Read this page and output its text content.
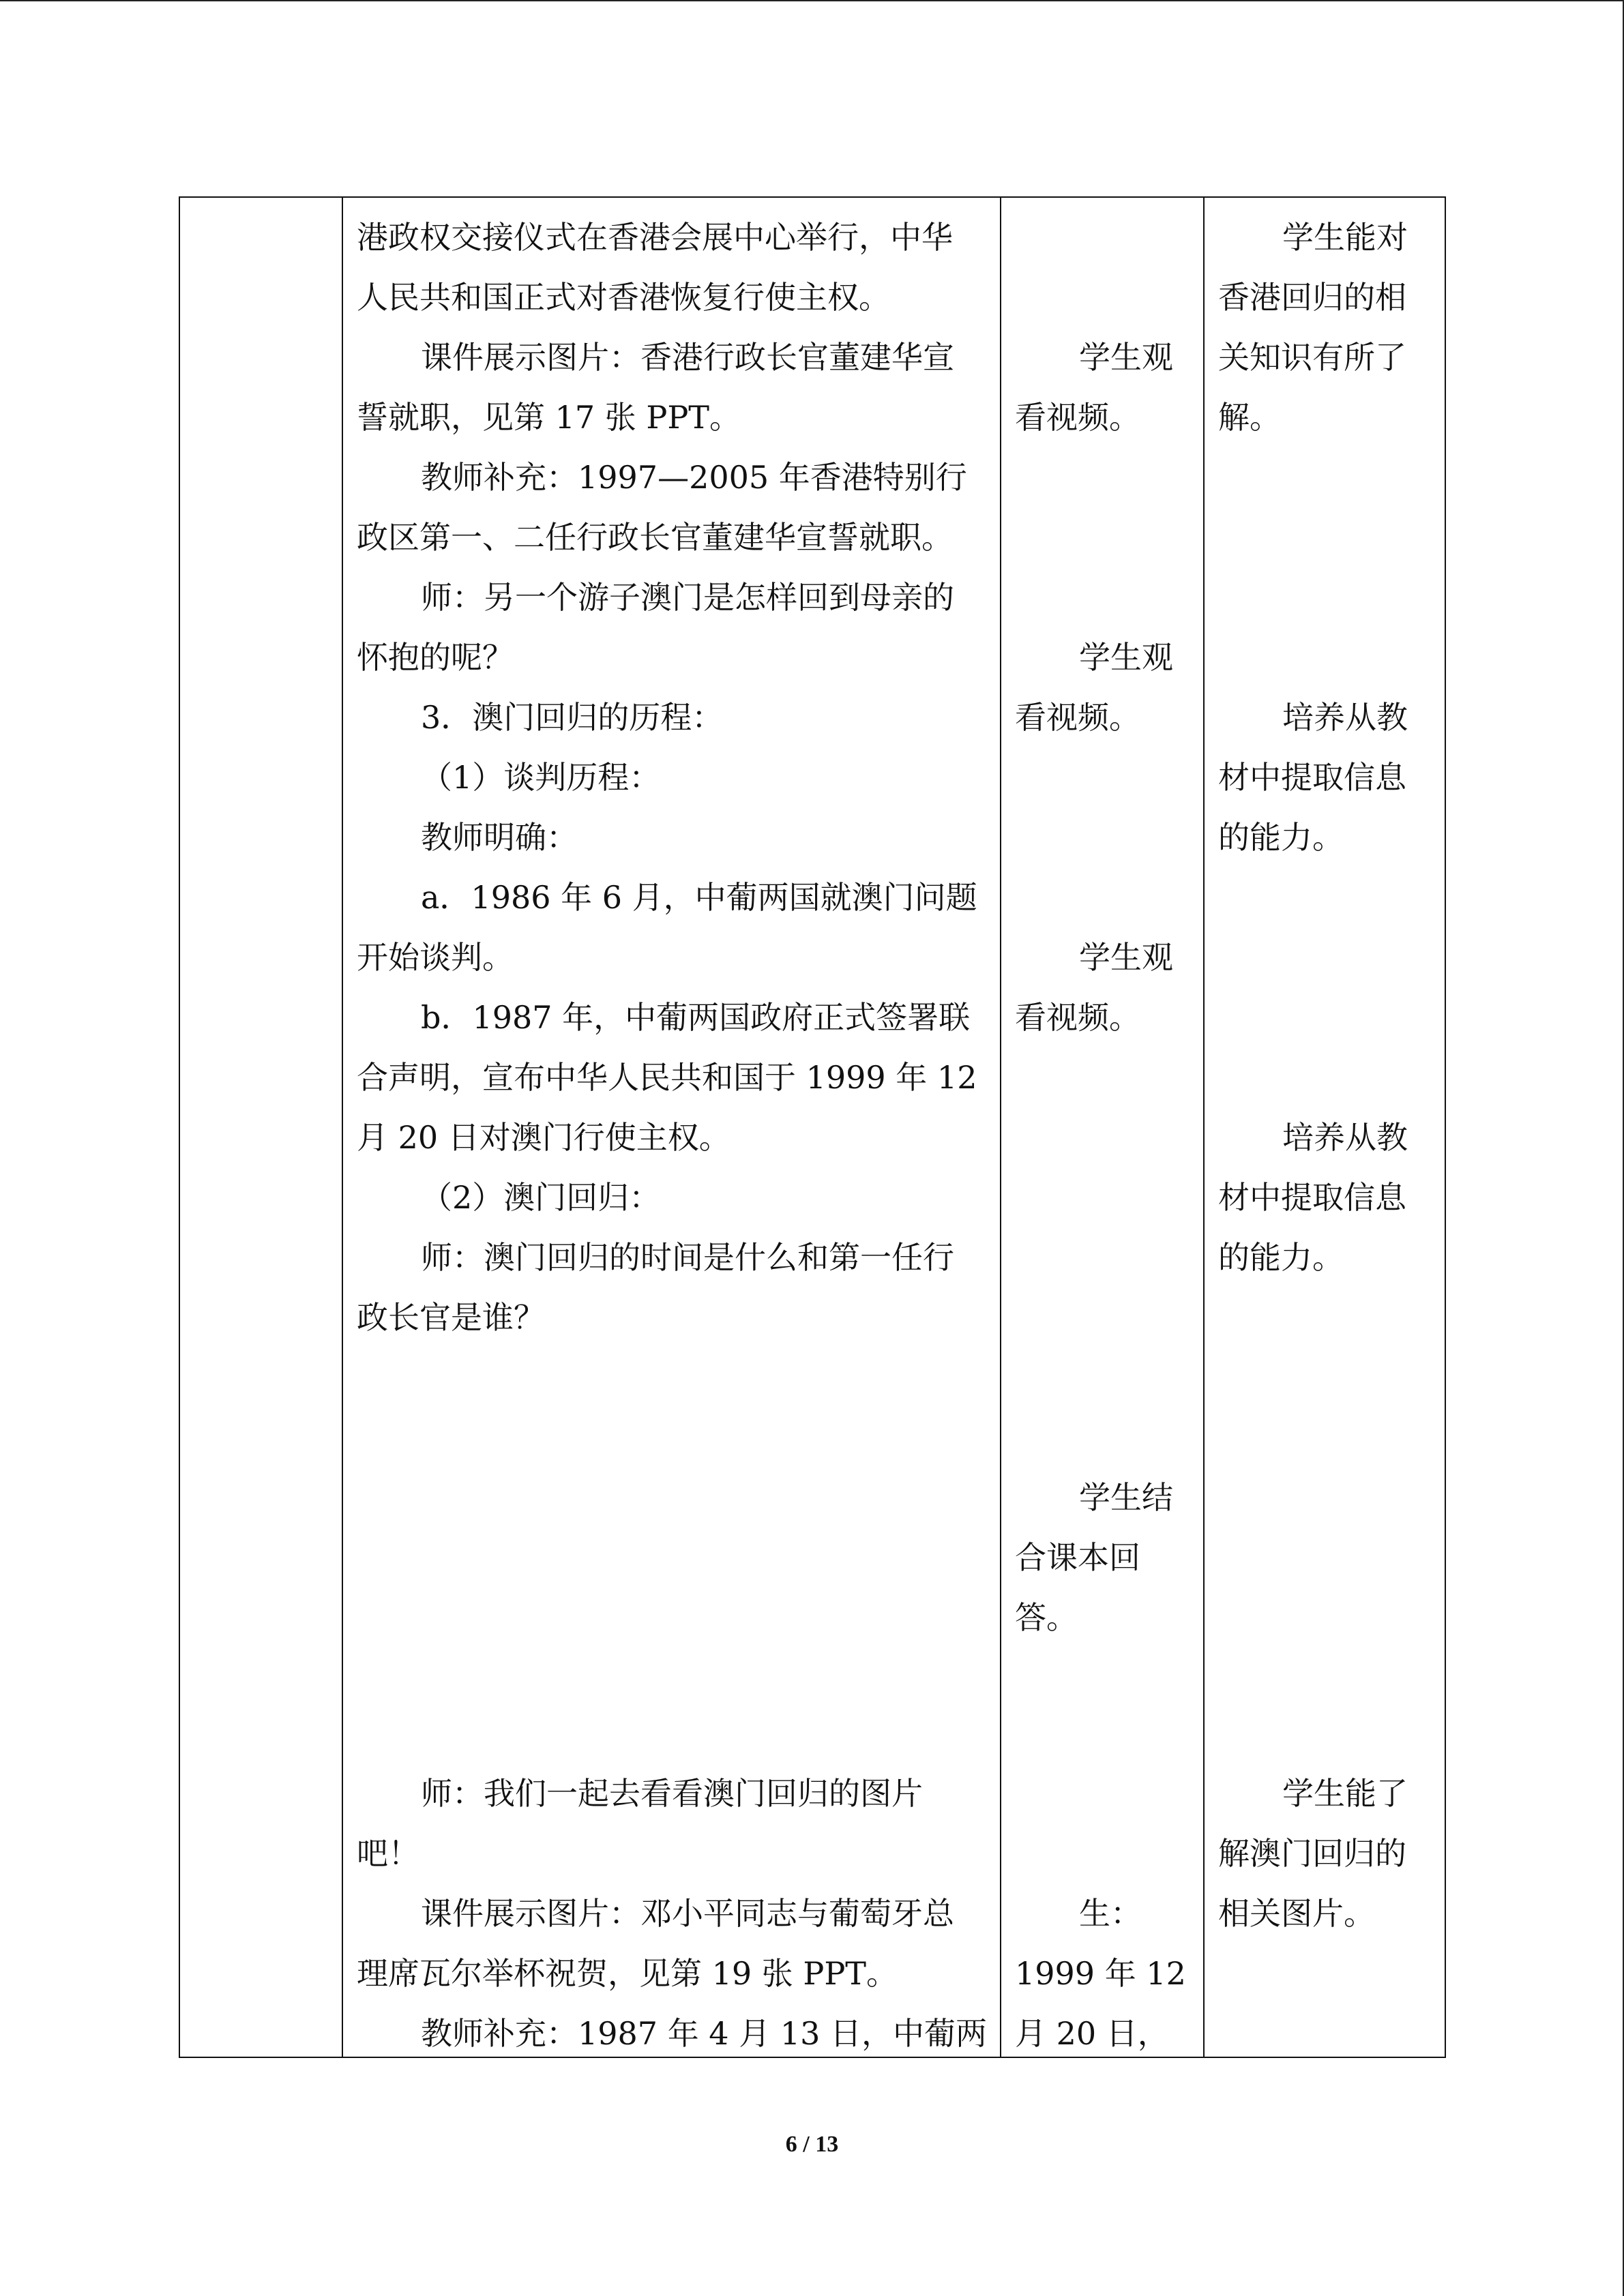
港政权交接仪式在香港会展中心举行，中华
人民共和国正式对香港恢复行使主权。
课件展示图片：香港行政长官董建华宣
誓就职，见第 17 张 PPT。
教师补充：1997—2005 年香港特别行
政区第一、二任行政长官董建华宣誓就职。
师：另一个游子澳门是怎样回到母亲的
怀抱的呢？
3．澳门回归的历程：
（1）谈判历程：
教师明确：
a．1986 年 6 月，中葡两国就澳门问题
开始谈判。
b．1987 年，中葡两国政府正式签署联
合声明，宣布中华人民共和国于 1999 年 12
月 20 日对澳门行使主权。
（2）澳门回归：
师：澳门回归的时间是什么和第一任行
政长官是谁？
师：我们一起去看看澳门回归的图片
吧！
课件展示图片：邓小平同志与葡萄牙总
理席瓦尔举杯祝贺，见第 19 张 PPT。
教师补充：1987 年 4 月 13 日，中葡两
学生观
看视频。
学生观
看视频。
学生观
看视频。
学生结
合课本回
答。
生：
1999 年 12
月 20 日，
学生能对
香港回归的相
关知识有所了
解。
培养从教
材中提取信息
的能力。
培养从教
材中提取信息
的能力。
学生能了
解澳门回归的
相关图片。
6 / 13
